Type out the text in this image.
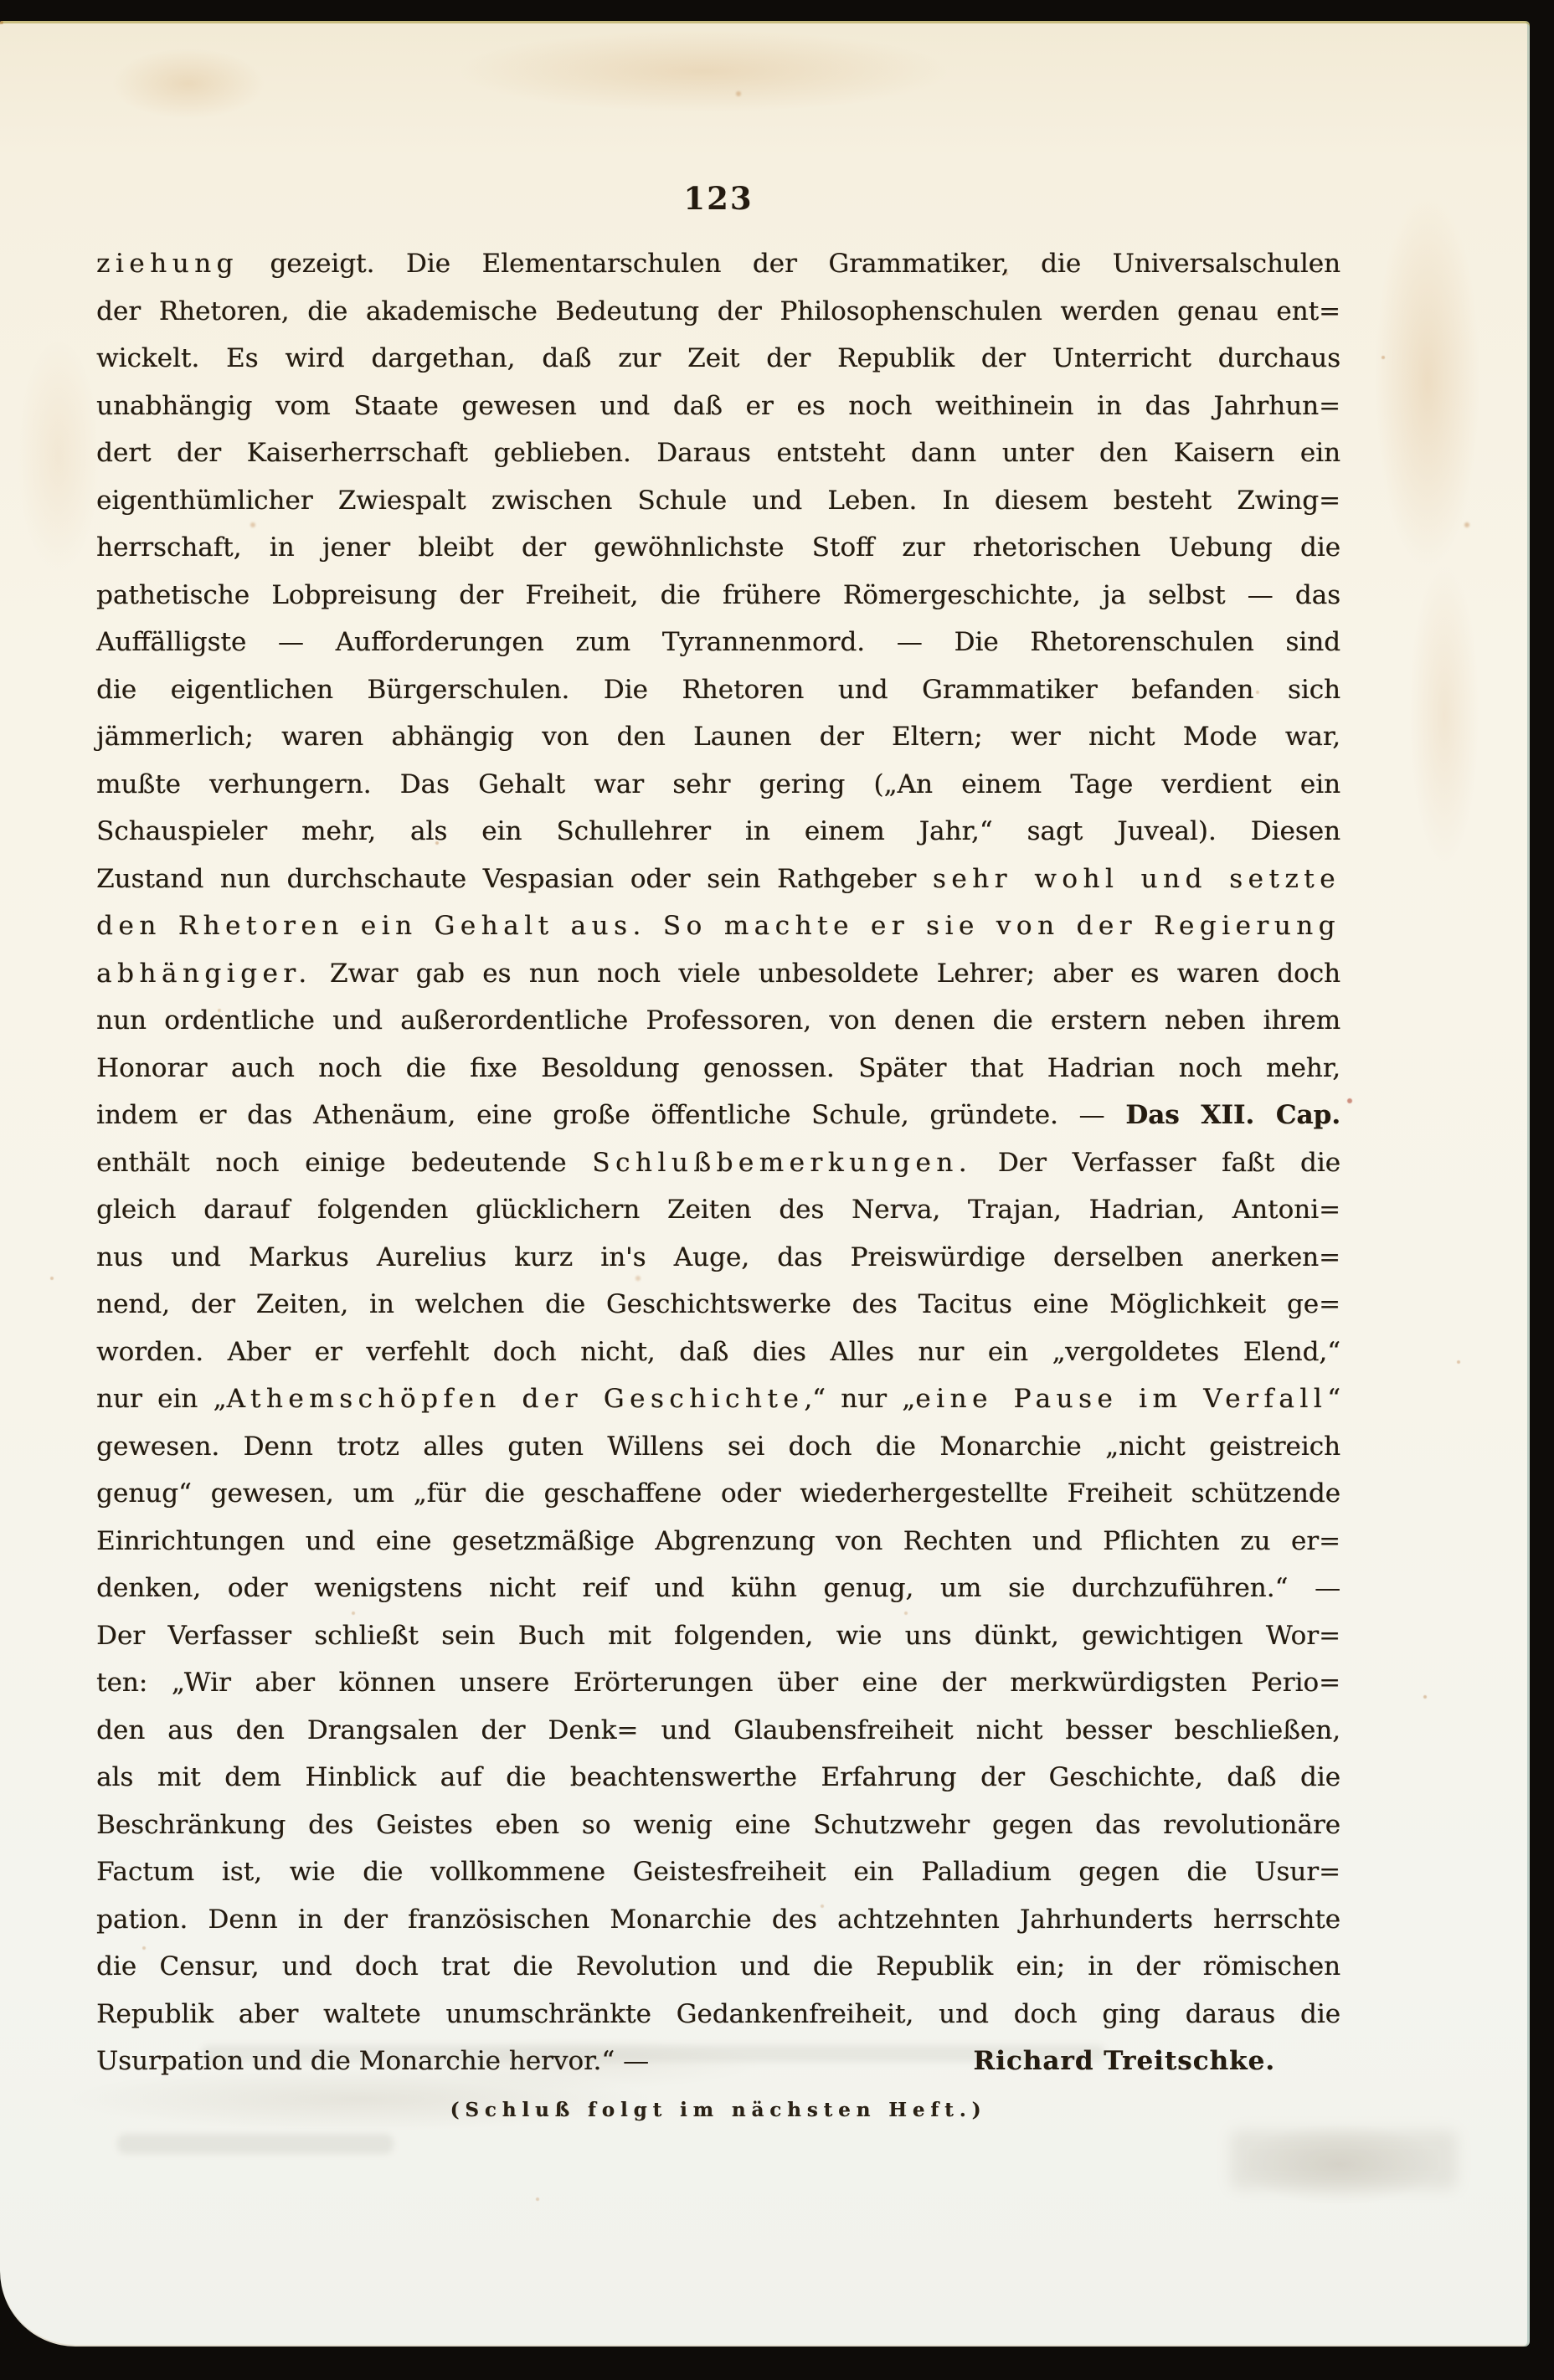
123
ziehung gezeigt. Die Elementarschulen der Grammatiker, die Universalschulen
der Rhetoren, die akademische Bedeutung der Philosophenschulen werden genau ent=
wickelt. Es wird dargethan, daß zur Zeit der Republik der Unterricht durchaus
unabhängig vom Staate gewesen und daß er es noch weithinein in das Jahrhun=
dert der Kaiserherrschaft geblieben. Daraus entsteht dann unter den Kaisern ein
eigenthümlicher Zwiespalt zwischen Schule und Leben. In diesem besteht Zwing=
herrschaft, in jener bleibt der gewöhnlichste Stoff zur rhetorischen Uebung die
pathetische Lobpreisung der Freiheit, die frühere Römergeschichte, ja selbst — das
Auffälligste — Aufforderungen zum Tyrannenmord. — Die Rhetorenschulen sind
die eigentlichen Bürgerschulen. Die Rhetoren und Grammatiker befanden sich
jämmerlich; waren abhängig von den Launen der Eltern; wer nicht Mode war,
mußte verhungern. Das Gehalt war sehr gering („An einem Tage verdient ein
Schauspieler mehr, als ein Schullehrer in einem Jahr,“ sagt Juveal). Diesen
Zustand nun durchschaute Vespasian oder sein Rathgeber sehr wohl und setzte
den Rhetoren ein Gehalt aus. So machte er sie von der Regierung
abhängiger. Zwar gab es nun noch viele unbesoldete Lehrer; aber es waren doch
nun ordentliche und außerordentliche Professoren, von denen die erstern neben ihrem
Honorar auch noch die fixe Besoldung genossen. Später that Hadrian noch mehr,
indem er das Athenäum, eine große öffentliche Schule, gründete. — Das XII. Cap.
enthält noch einige bedeutende Schlußbemerkungen. Der Verfasser faßt die
gleich darauf folgenden glücklichern Zeiten des Nerva, Trajan, Hadrian, Antoni=
nus und Markus Aurelius kurz in's Auge, das Preiswürdige derselben anerken=
nend, der Zeiten, in welchen die Geschichtswerke des Tacitus eine Möglichkeit ge=
worden. Aber er verfehlt doch nicht, daß dies Alles nur ein „vergoldetes Elend,“
nur ein „Athemschöpfen der Geschichte,“ nur „eine Pause im Verfall“
gewesen. Denn trotz alles guten Willens sei doch die Monarchie „nicht geistreich
genug“ gewesen, um „für die geschaffene oder wiederhergestellte Freiheit schützende
Einrichtungen und eine gesetzmäßige Abgrenzung von Rechten und Pflichten zu er=
denken, oder wenigstens nicht reif und kühn genug, um sie durchzuführen.“ —
Der Verfasser schließt sein Buch mit folgenden, wie uns dünkt, gewichtigen Wor=
ten: „Wir aber können unsere Erörterungen über eine der merkwürdigsten Perio=
den aus den Drangsalen der Denk= und Glaubensfreiheit nicht besser beschließen,
als mit dem Hinblick auf die beachtenswerthe Erfahrung der Geschichte, daß die
Beschränkung des Geistes eben so wenig eine Schutzwehr gegen das revolutionäre
Factum ist, wie die vollkommene Geistesfreiheit ein Palladium gegen die Usur=
pation. Denn in der französischen Monarchie des achtzehnten Jahrhunderts herrschte
die Censur, und doch trat die Revolution und die Republik ein; in der römischen
Republik aber waltete unumschränkte Gedankenfreiheit, und doch ging daraus die
Usurpation und die Monarchie hervor.“ —	Richard Treitschke.
(Schluß folgt im nächsten Heft.)
